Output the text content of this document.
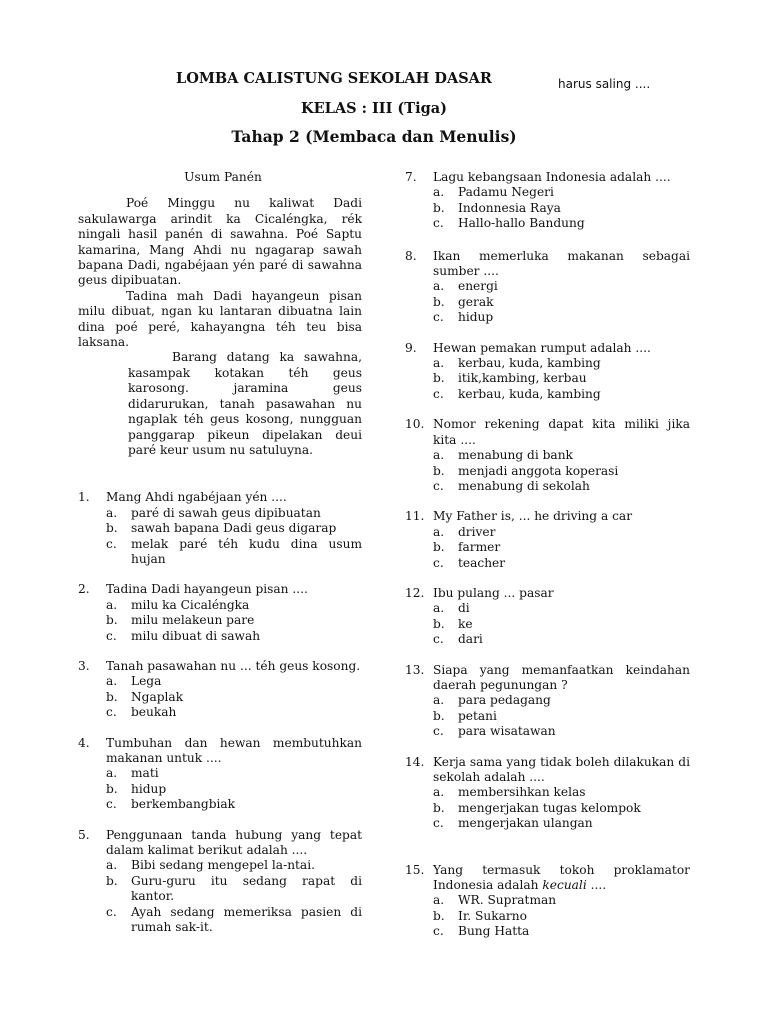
harus saling ....
LOMBA CALISTUNG SEKOLAH DASAR
KELAS : III (Tiga)
Tahap 2 (Membaca dan Menulis)
Usum Panén

Poé Minggu nu kaliwat Dadi sakulawarga arindit ka Cicaléngka, rék ningali hasil panén di sawahna. Poé Saptu kamarina, Mang Ahdi nu ngagarap sawah bapana Dadi, ngabéjaan yén paré di sawahna geus dipibuatan.

Tadina mah Dadi hayangeun pisan milu dibuat, ngan ku lantaran dibuatna lain dina poé peré, kahayangna téh teu bisa laksana.

Barang datang ka sawahna, kasampak kotakan téh geus karosong. jaramina geus didarurukan, tanah pasawahan nu ngaplak téh geus kosong, nungguan panggarap pikeun dipelakan deui paré keur usum nu satuluyna.

1.	Mang Ahdi ngabéjaan yén ....
a.	paré di sawah geus dipibuatan
b.	sawah bapana Dadi geus digarap
c.	melak paré téh kudu dina usum hujan
2.	Tadina Dadi hayangeun pisan ....
a.	milu ka Cicaléngka
b.	milu melakeun pare
c.	milu dibuat di sawah
3.	Tanah pasawahan nu ... téh geus kosong.
a.	Lega
b.	Ngaplak
c.	beukah
4.	Tumbuhan dan hewan membutuhkan makanan untuk ....
a.	mati
b.	hidup
c.	berkembangbiak
5.	Penggunaan tanda hubung yang tepat dalam kalimat berikut adalah ....
a.	Bibi sedang mengepel la-ntai.
b.	Guru-guru itu sedang rapat di kantor.
c.	Ayah sedang memeriksa pasien di rumah sak-it.
7.	Lagu kebangsaan Indonesia adalah ....
a.	Padamu Negeri
b.	Indonnesia Raya
c.	Hallo-hallo Bandung
8.	Ikan memerluka makanan sebagai sumber ....
a.	energi
b.	gerak
c.	hidup
9.	Hewan pemakan rumput adalah ....
a.	kerbau, kuda, kambing
b.	itik,kambing, kerbau
c.	kerbau, kuda, kambing
10. Nomor rekening dapat kita miliki jika kita ....
a.	menabung di bank
b.	menjadi anggota koperasi
c.	menabung di sekolah
11. My Father is, ... he driving a car
a.	driver
b.	farmer
c.	teacher
12. Ibu pulang ... pasar
a.	di
b.	ke
c.	dari
13. Siapa yang memanfaatkan keindahan daerah pegunungan ?
a.	para pedagang
b.	petani
c.	para wisatawan
14. Kerja sama yang tidak boleh dilakukan di sekolah adalah ....
a.	membersihkan kelas
b.	mengerjakan tugas kelompok
c.	mengerjakan ulangan
15. Yang termasuk tokoh proklamator Indonesia adalah kecuali ....
a.	WR. Supratman
b.	Ir. Sukarno
c.	Bung Hatta
